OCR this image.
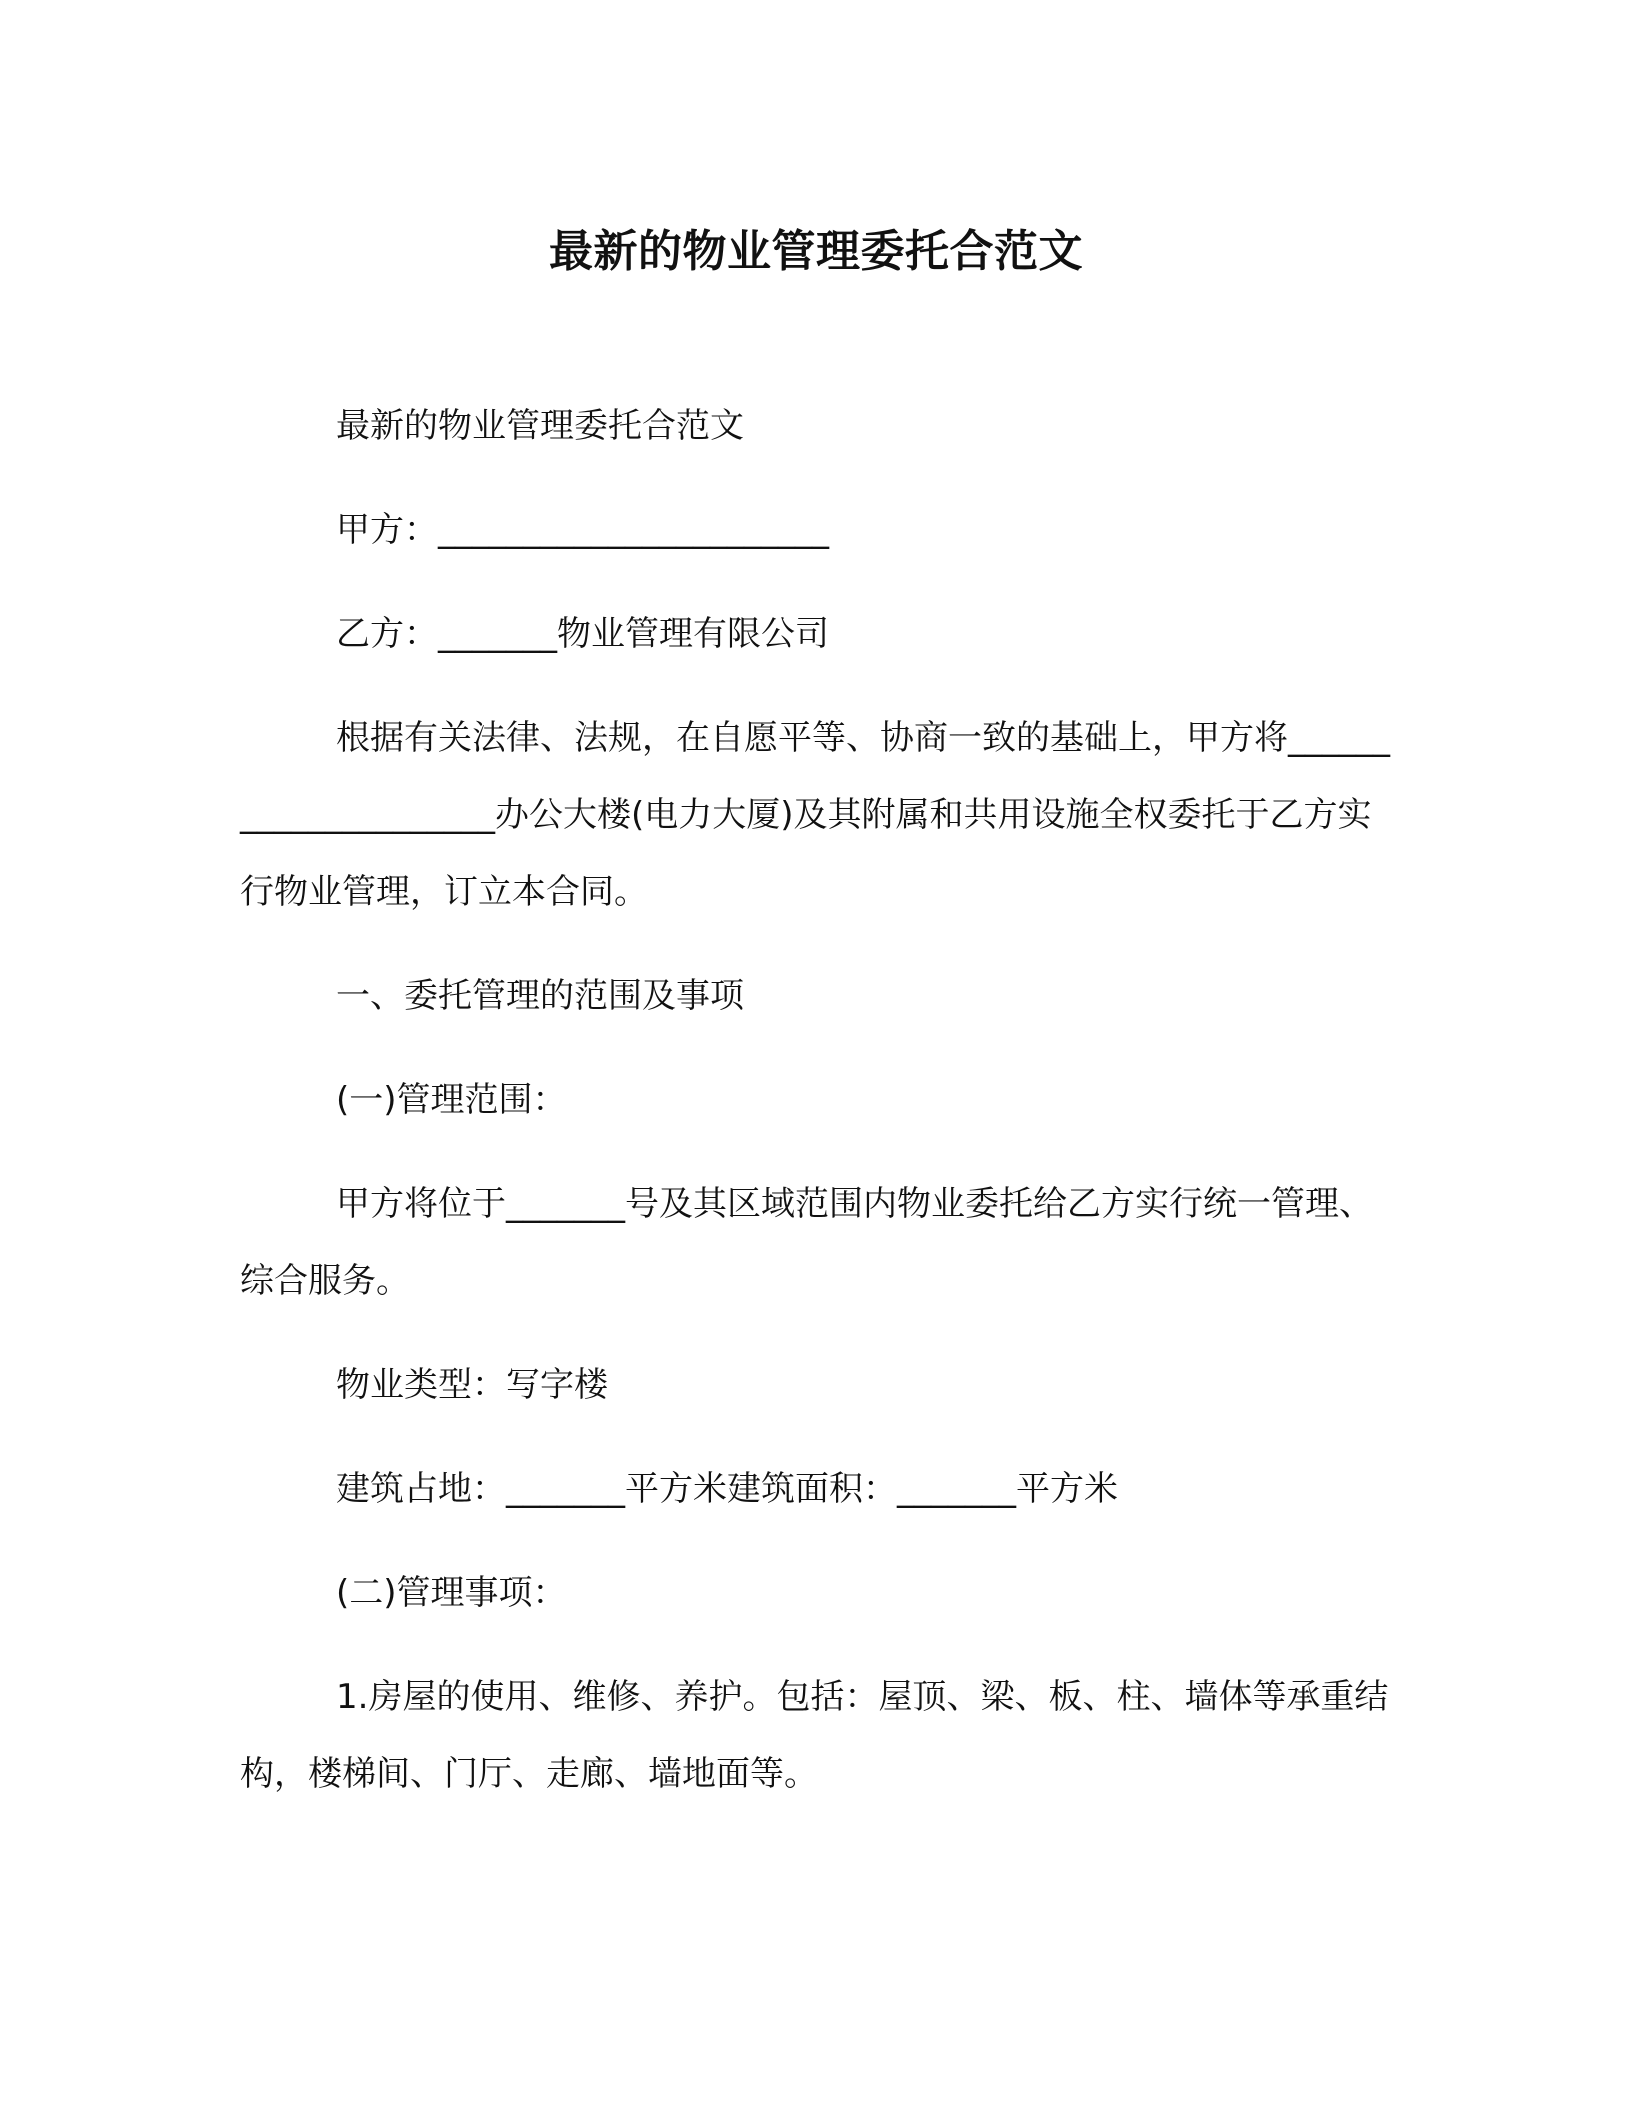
最新的物业管理委托合范文

最新的物业管理委托合范文

甲方：_______________________

乙方：_______物业管理有限公司

根据有关法律、法规，在自愿平等、协商一致的基础上，甲方将_____________________办公大楼(电力大厦)及其附属和共用设施全权委托于乙方实行物业管理，订立本合同。

一、委托管理的范围及事项

(一)管理范围：

甲方将位于_______号及其区域范围内物业委托给乙方实行统一管理、综合服务。

物业类型：写字楼

建筑占地：_______平方米建筑面积：_______平方米

(二)管理事项：

1.房屋的使用、维修、养护。包括：屋顶、梁、板、柱、墙体等承重结构，楼梯间、门厅、走廊、墙地面等。
